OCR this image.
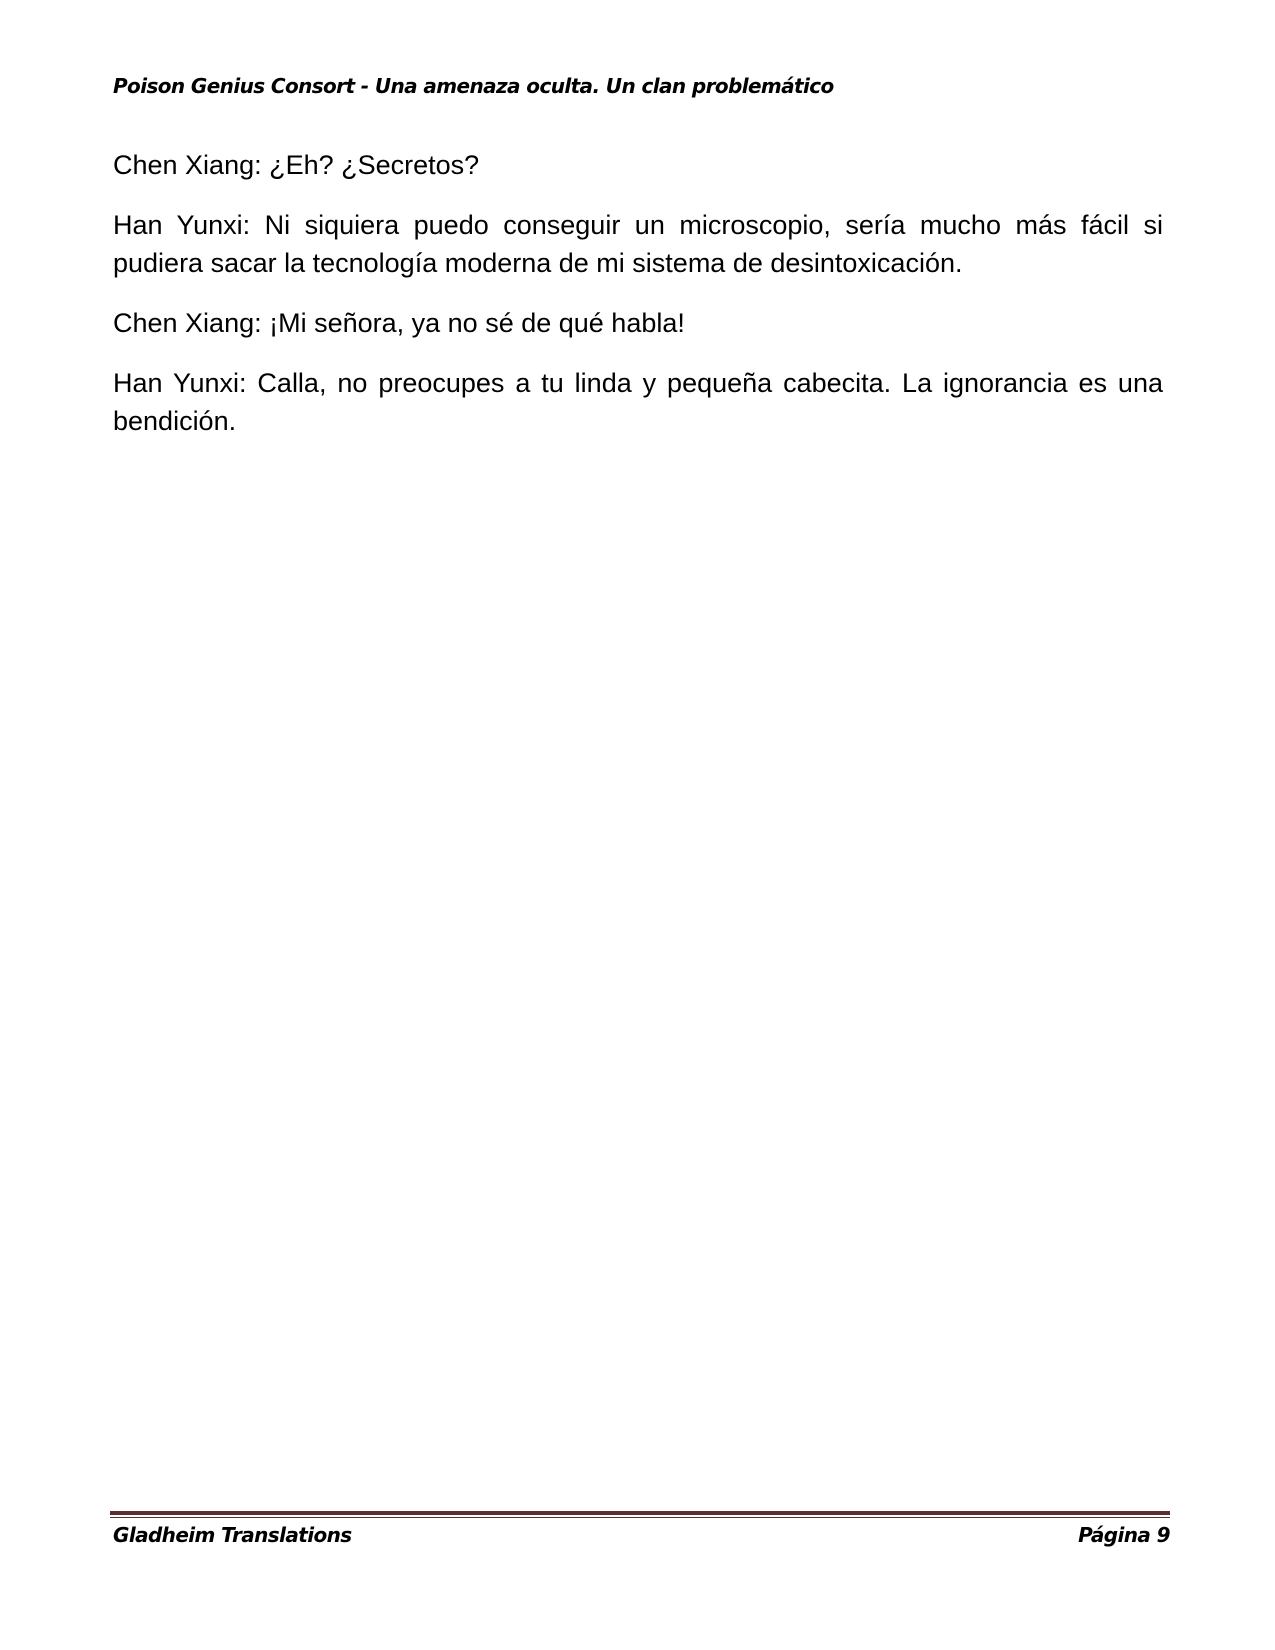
Poison Genius Consort - Una amenaza oculta. Un clan problemático

Chen Xiang: ¿Eh? ¿Secretos?

Han Yunxi: Ni siquiera puedo conseguir un microscopio, sería mucho más fácil si pudiera sacar la tecnología moderna de mi sistema de desintoxicación.

Chen Xiang: ¡Mi señora, ya no sé de qué habla!

Han Yunxi: Calla, no preocupes a tu linda y pequeña cabecita. La ignorancia es una bendición.

Gladheim Translations	Página 9
